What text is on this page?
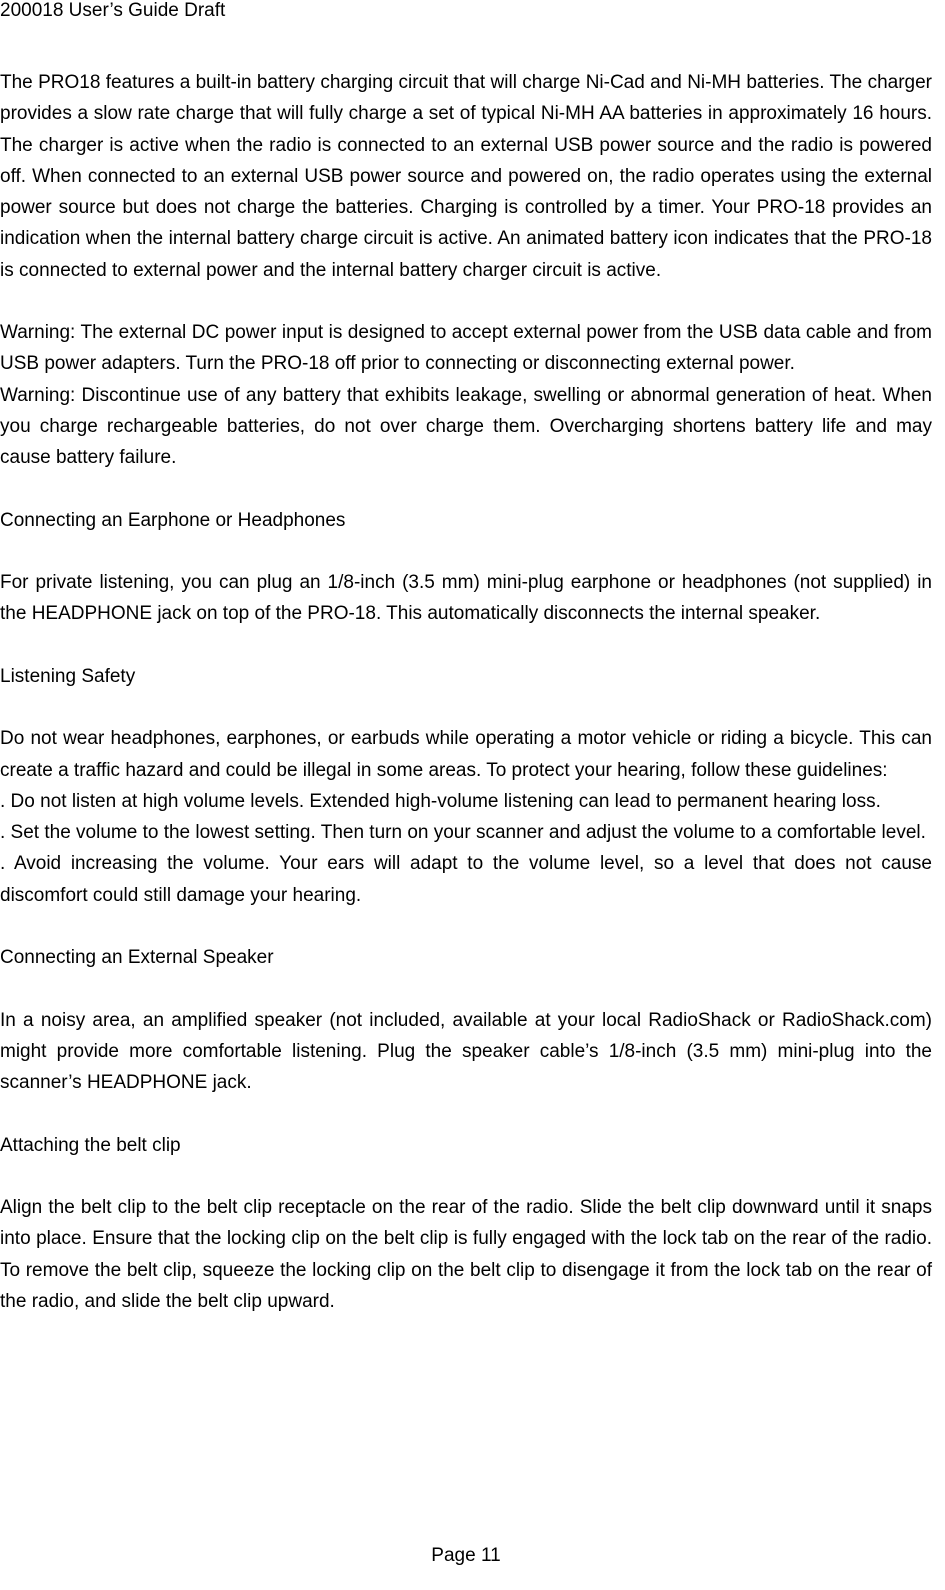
200018 User’s Guide Draft

The PRO18 features a built-in battery charging circuit that will charge Ni-Cad and Ni-MH batteries. The charger provides a slow rate charge that will fully charge a set of typical Ni-MH AA batteries in approximately 16 hours. The charger is active when the radio is connected to an external USB power source and the radio is powered off. When connected to an external USB power source and powered on, the radio operates using the external power source but does not charge the batteries. Charging is controlled by a timer. Your PRO-18 provides an indication when the internal battery charge circuit is active. An animated battery icon indicates that the PRO-18 is connected to external power and the internal battery charger circuit is active.

Warning: The external DC power input is designed to accept external power from the USB data cable and from USB power adapters. Turn the PRO-18 off prior to connecting or disconnecting external power.

Warning: Discontinue use of any battery that exhibits leakage, swelling or abnormal generation of heat. When you charge rechargeable batteries, do not over charge them. Overcharging shortens battery life and may cause battery failure.

Connecting an Earphone or Headphones

For private listening, you can plug an 1/8-inch (3.5 mm) mini-plug earphone or headphones (not supplied) in the HEADPHONE jack on top of the PRO-18. This automatically disconnects the internal speaker.

Listening Safety

Do not wear headphones, earphones, or earbuds while operating a motor vehicle or riding a bicycle. This can create a traffic hazard and could be illegal in some areas. To protect your hearing, follow these guidelines:

. Do not listen at high volume levels. Extended high-volume listening can lead to permanent hearing loss.

. Set the volume to the lowest setting. Then turn on your scanner and adjust the volume to a comfortable level.

. Avoid increasing the volume. Your ears will adapt to the volume level, so a level that does not cause discomfort could still damage your hearing.

Connecting an External Speaker

In a noisy area, an amplified speaker (not included, available at your local RadioShack or RadioShack.com) might provide more comfortable listening. Plug the speaker cable’s 1/8-inch (3.5 mm) mini-plug into the scanner’s HEADPHONE jack.

Attaching the belt clip

Align the belt clip to the belt clip receptacle on the rear of the radio. Slide the belt clip downward until it snaps into place. Ensure that the locking clip on the belt clip is fully engaged with the lock tab on the rear of the radio. To remove the belt clip, squeeze the locking clip on the belt clip to disengage it from the lock tab on the rear of the radio, and slide the belt clip upward.

Page 11
